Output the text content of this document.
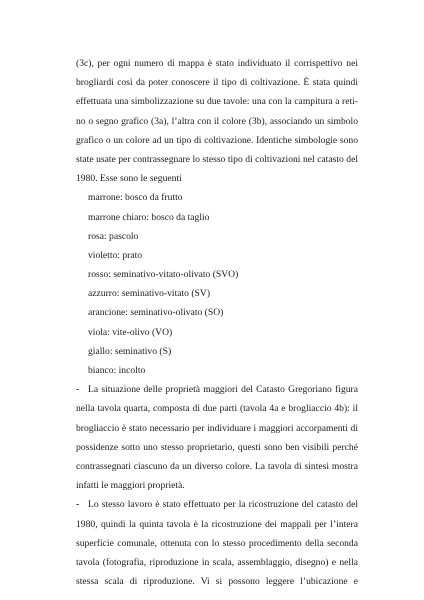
(3c), per ogni numero di mappa è stato individuato il corrispettivo nei
brogliardi così da poter conoscere il tipo di coltivazione. È stata quindi
effettuata una simbolizzazione su due tavole: una con la campitura a reti-
no o segno grafico (3a), l’altra con il colore (3b), associando un simbolo
grafico o un colore ad un tipo di coltivazione. Identiche simbologie sono
state usate per contrassegnare lo stesso tipo di coltivazioni nel catasto del
1980. Esse sono le seguenti
marrone: bosco da frutto
marrone chiaro: bosco da taglio
rosa: pascolo
violetto: prato
rosso: seminativo-vitato-olivato (SVO)
azzurro: seminativo-vitato (SV)
arancione: seminativo-olivato (SO)
viola: vite-olivo (VO)
giallo: seminativo (S)
bianco: incolto
- La situazione delle proprietà maggiori del Catasto Gregoriano figura
nella tavola quarta, composta di due parti (tavola 4a e brogliaccio 4b): il
brogliaccio è stato necessario per individuare i maggiori accorpamenti di
possidenze sotto uno stesso proprietario, questi sono ben visibili perché
contrassegnati ciascuno da un diverso colore. La tavola di sintesi mostra
infatti le maggiori proprietà.
- Lo stesso lavoro è stato effettuato per la ricostruzione del catasto del
1980, quindi la quinta tavola è la ricostruzione dei mappali per l’intera
superficie comunale, ottenuta con lo stesso procedimento della seconda
tavola (fotografia, riproduzione in scala, assemblaggio, disegno) e nella
stessa scala di riproduzione. Vi si possono leggere l’ubicazione e
